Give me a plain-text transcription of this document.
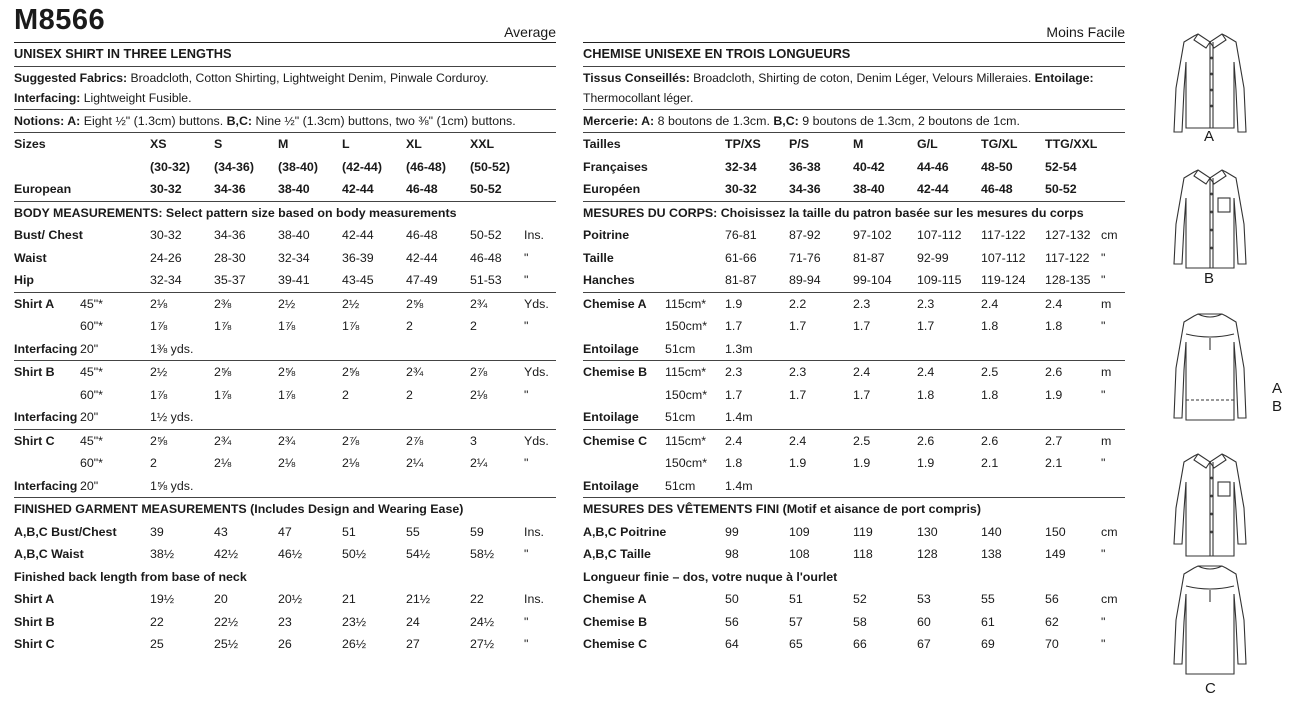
M8566	Average
UNISEX SHIRT IN THREE LENGTHS
Suggested Fabrics: Broadcloth, Cotton Shirting, Lightweight Denim, Pinwale Corduroy.
Interfacing: Lightweight Fusible.
Notions: A: Eight ½" (1.3cm) buttons. B,C: Nine ½" (1.3cm) buttons, two ⅜" (1cm) buttons.
Sizes	XS	S	M	L	XL	XXL
(30-32) (34-36) (38-40) (42-44) (46-48) (50-52)
European	30-32	34-36	38-40	42-44	46-48	50-52
BODY MEASUREMENTS: Select pattern size based on body measurements
Bust/ Chest	30-32	34-36	38-40	42-44	46-48	50-52 Ins.
Waist	24-26	28-30	32-34	36-39	42-44	46-48 "
Hip	32-34	35-37	39-41	43-45	47-49	51-53 "
Shirt A 45"*	2⅛	2⅜	2½	2½	2⅝	2¾	Yds.
60"*	1⅞	1⅞	1⅞	1⅞	2	2	"
Interfacing 20"	1⅜ yds.
Shirt B 45"*	2½	2⅝	2⅝	2⅝	2¾	2⅞	Yds.
60"*	1⅞	1⅞	1⅞	2	2	2⅛	"
Interfacing 20"	1½ yds.
Shirt C 45"*	2⅝	2¾	2¾	2⅞	2⅞	3	Yds.
60"*	2	2⅛	2⅛	2⅛	2¼	2¼	"
Interfacing 20"	1⅝ yds.
FINISHED GARMENT MEASUREMENTS (Includes Design and Wearing Ease)
A,B,C Bust/Chest	39	43	47	51	55	59	Ins.
A,B,C Waist	38½	42½	46½	50½	54½	58½ "
Finished back length from base of neck
Shirt A	19½	20	20½	21	21½	22	Ins.
Shirt B	22	22½	23	23½	24	24½ "
Shirt C	25	25½	26	26½	27	27½ "
Moins Facile
CHEMISE UNISEXE EN TROIS LONGUEURS
Tissus Conseillés: Broadcloth, Shirting de coton, Denim Léger, Velours Milleraies. Entoilage:
Thermocollant léger.
Mercerie: A: 8 boutons de 1.3cm. B,C: 9 boutons de 1.3cm, 2 boutons de 1cm.
Tailles	TP/XS P/S	M	G/L	TG/XL TTG/XXL
Françaises	32-34	36-38	40-42	44-46	48-50	52-54
Européen	30-32	34-36	38-40	42-44	46-48	50-52
MESURES DU CORPS: Choisissez la taille du patron basée sur les mesures du corps
Poitrine	76-81	87-92	97-102 107-112 117-122 127-132 cm
Taille	61-66	71-76	81-87	92-99	107-112 117-122 "
Hanches	81-87	89-94	99-104 109-115 119-124 128-135 "
Chemise A 115cm* 1.9	2.2	2.3	2.3	2.4	2.4	m
150cm* 1.7	1.7	1.7	1.7	1.8	1.8	"
Entoilage 51cm 1.3m
Chemise B 115cm* 2.3	2.3	2.4	2.4	2.5	2.6	m
150cm* 1.7	1.7	1.7	1.8	1.8	1.9	"
Entoilage 51cm 1.4m
Chemise C 115cm* 2.4	2.4	2.5	2.6	2.6	2.7	m
150cm* 1.8	1.9	1.9	1.9	2.1	2.1	"
Entoilage 51cm 1.4m
MESURES DES VÊTEMENTS FINI (Motif et aisance de port compris)
A,B,C Poitrine	99	109	119	130	140	150	cm
A,B,C Taille	98	108	118	128	138	149	"
Longueur finie – dos, votre nuque à l'ourlet
Chemise A	50	51	52	53	55	56	cm
Chemise B	56	57	58	60	61	62	"
Chemise C	64	65	66	67	69	70	"
A
B
A
B
C
